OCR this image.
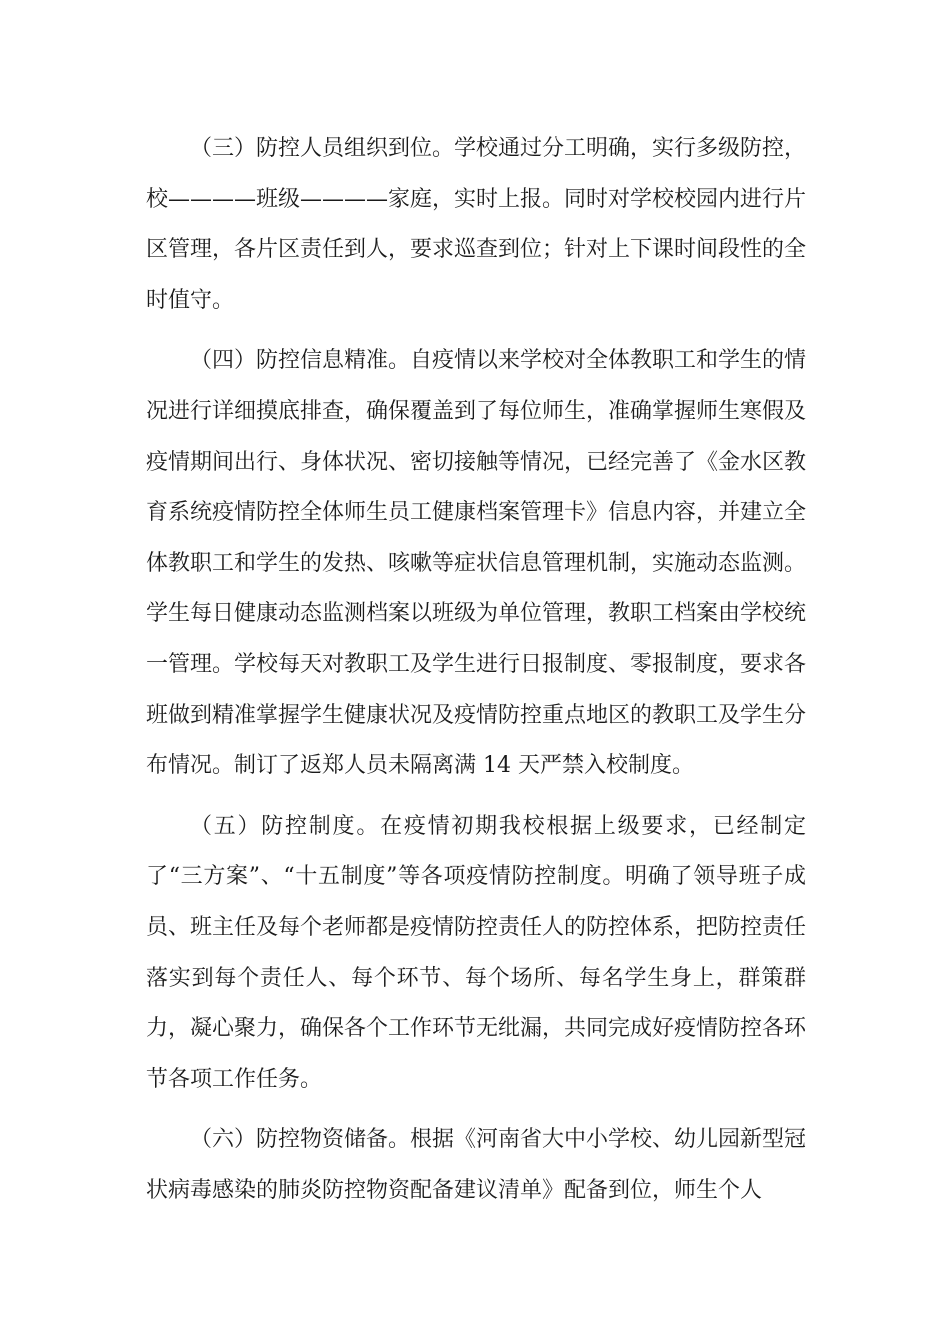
（三）防控人员组织到位。学校通过分工明确，实行多级防控，校————班级————家庭，实时上报。同时对学校校园内进行片区管理，各片区责任到人，要求巡查到位；针对上下课时间段性的全时值守。

（四）防控信息精准。自疫情以来学校对全体教职工和学生的情况进行详细摸底排查，确保覆盖到了每位师生，准确掌握师生寒假及疫情期间出行、身体状况、密切接触等情况，已经完善了《金水区教育系统疫情防控全体师生员工健康档案管理卡》信息内容，并建立全体教职工和学生的发热、咳嗽等症状信息管理机制，实施动态监测。学生每日健康动态监测档案以班级为单位管理，教职工档案由学校统一管理。学校每天对教职工及学生进行日报制度、零报制度，要求各班做到精准掌握学生健康状况及疫情防控重点地区的教职工及学生分布情况。制订了返郑人员未隔离满 14 天严禁入校制度。

（五）防控制度。在疫情初期我校根据上级要求，已经制定了“三方案”、“十五制度”等各项疫情防控制度。明确了领导班子成员、班主任及每个老师都是疫情防控责任人的防控体系，把防控责任落实到每个责任人、每个环节、每个场所、每名学生身上，群策群力，凝心聚力，确保各个工作环节无纰漏，共同完成好疫情防控各环节各项工作任务。

（六）防控物资储备。根据《河南省大中小学校、幼儿园新型冠状病毒感染的肺炎防控物资配备建议清单》配备到位，师生个人
